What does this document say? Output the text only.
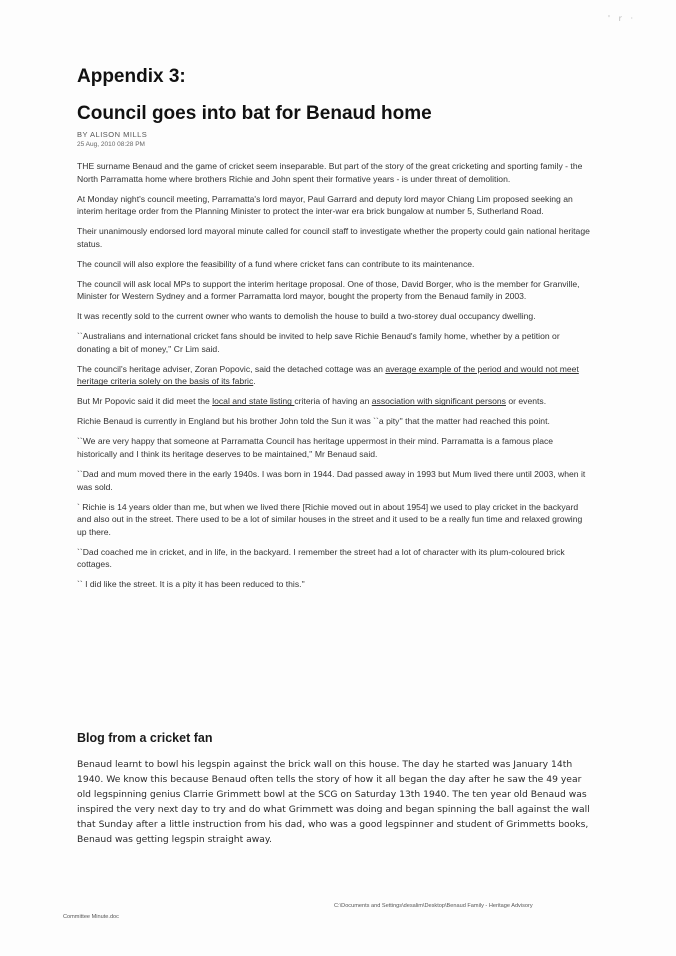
' r ·
Appendix 3:
Council goes into bat for Benaud home
BY ALISON MILLS
25 Aug, 2010 08:28 PM

THE surname Benaud and the game of cricket seem inseparable. But part of the story of the great cricketing and sporting family - the North Parramatta home where brothers Richie and John spent their formative years - is under threat of demolition.

At Monday night's council meeting, Parramatta's lord mayor, Paul Garrard and deputy lord mayor Chiang Lim proposed seeking an interim heritage order from the Planning Minister to protect the inter-war era brick bungalow at number 5, Sutherland Road.

Their unanimously endorsed lord mayoral minute called for council staff to investigate whether the property could gain national heritage status.

The council will also explore the feasibility of a fund where cricket fans can contribute to its maintenance.

The council will ask local MPs to support the interim heritage proposal. One of those, David Borger, who is the member for Granville, Minister for Western Sydney and a former Parramatta lord mayor, bought the property from the Benaud family in 2003.

It was recently sold to the current owner who wants to demolish the house to build a two-storey dual occupancy dwelling.

``Australians and international cricket fans should be invited to help save Richie Benaud's family home, whether by a petition or donating a bit of money,'' Cr Lim said.

The council's heritage adviser, Zoran Popovic, said the detached cottage was an average example of the period and would not meet heritage criteria solely on the basis of its fabric.

But Mr Popovic said it did meet the local and state listing criteria of having an association with significant persons or events.

Richie Benaud is currently in England but his brother John told the Sun it was ``a pity'' that the matter had reached this point.

``We are very happy that someone at Parramatta Council has heritage uppermost in their mind. Parramatta is a famous place historically and I think its heritage deserves to be maintained,'' Mr Benaud said.

``Dad and mum moved there in the early 1940s. I was born in 1944. Dad passed away in 1993 but Mum lived there until 2003, when it was sold.

` Richie is 14 years older than me, but when we lived there [Richie moved out in about 1954] we used to play cricket in the backyard and also out in the street. There used to be a lot of similar houses in the street and it used to be a really fun time and relaxed growing up there.

``Dad coached me in cricket, and in life, in the backyard. I remember the street had a lot of character with its plum-coloured brick cottages.

`` I did like the street. It is a pity it has been reduced to this.''

Blog from a cricket fan

Benaud learnt to bowl his legspin against the brick wall on this house. The day he started was January 14th 1940. We know this because Benaud often tells the story of how it all began the day after he saw the 49 year old legspinning genius Clarrie Grimmett bowl at the SCG on Saturday 13th 1940. The ten year old Benaud was inspired the very next day to try and do what Grimmett was doing and began spinning the ball against the wall that Sunday after a little instruction from his dad, who was a good legspinner and student of Grimmetts books, Benaud was getting legspin straight away.

C:\Documents and Settings\desalim\Desktop\Benaud Family - Heritage Advisory
Committee Minute.doc
